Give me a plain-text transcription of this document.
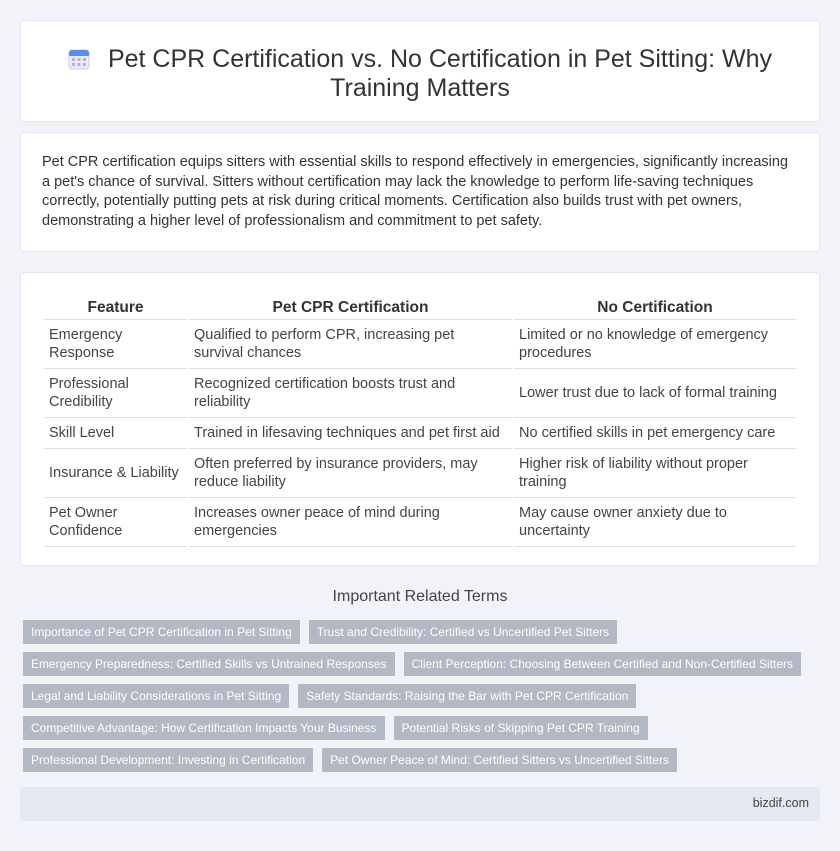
Pet CPR Certification vs. No Certification in Pet Sitting: Why Training Matters

Pet CPR certification equips sitters with essential skills to respond effectively in emergencies, significantly increasing a pet's chance of survival. Sitters without certification may lack the knowledge to perform life-saving techniques correctly, potentially putting pets at risk during critical moments. Certification also builds trust with pet owners, demonstrating a higher level of professionalism and commitment to pet safety.

Feature	Pet CPR Certification	No Certification
Emergency Response	Qualified to perform CPR, increasing pet survival chances	Limited or no knowledge of emergency procedures
Professional Credibility	Recognized certification boosts trust and reliability	Lower trust due to lack of formal training
Skill Level	Trained in lifesaving techniques and pet first aid	No certified skills in pet emergency care
Insurance & Liability	Often preferred by insurance providers, may reduce liability	Higher risk of liability without proper training
Pet Owner Confidence	Increases owner peace of mind during emergencies	May cause owner anxiety due to uncertainty
Important Related Terms
Importance of Pet CPR Certification in Pet Sitting	Trust and Credibility: Certified vs Uncertified Pet Sitters
Emergency Preparedness: Certified Skills vs Untrained Responses	Client Perception: Choosing Between Certified and Non-Certified Sitters
Legal and Liability Considerations in Pet Sitting	Safety Standards: Raising the Bar with Pet CPR Certification
Competitive Advantage: How Certification Impacts Your Business	Potential Risks of Skipping Pet CPR Training
Professional Development: Investing in Certification	Pet Owner Peace of Mind: Certified Sitters vs Uncertified Sitters
bizdif.com
